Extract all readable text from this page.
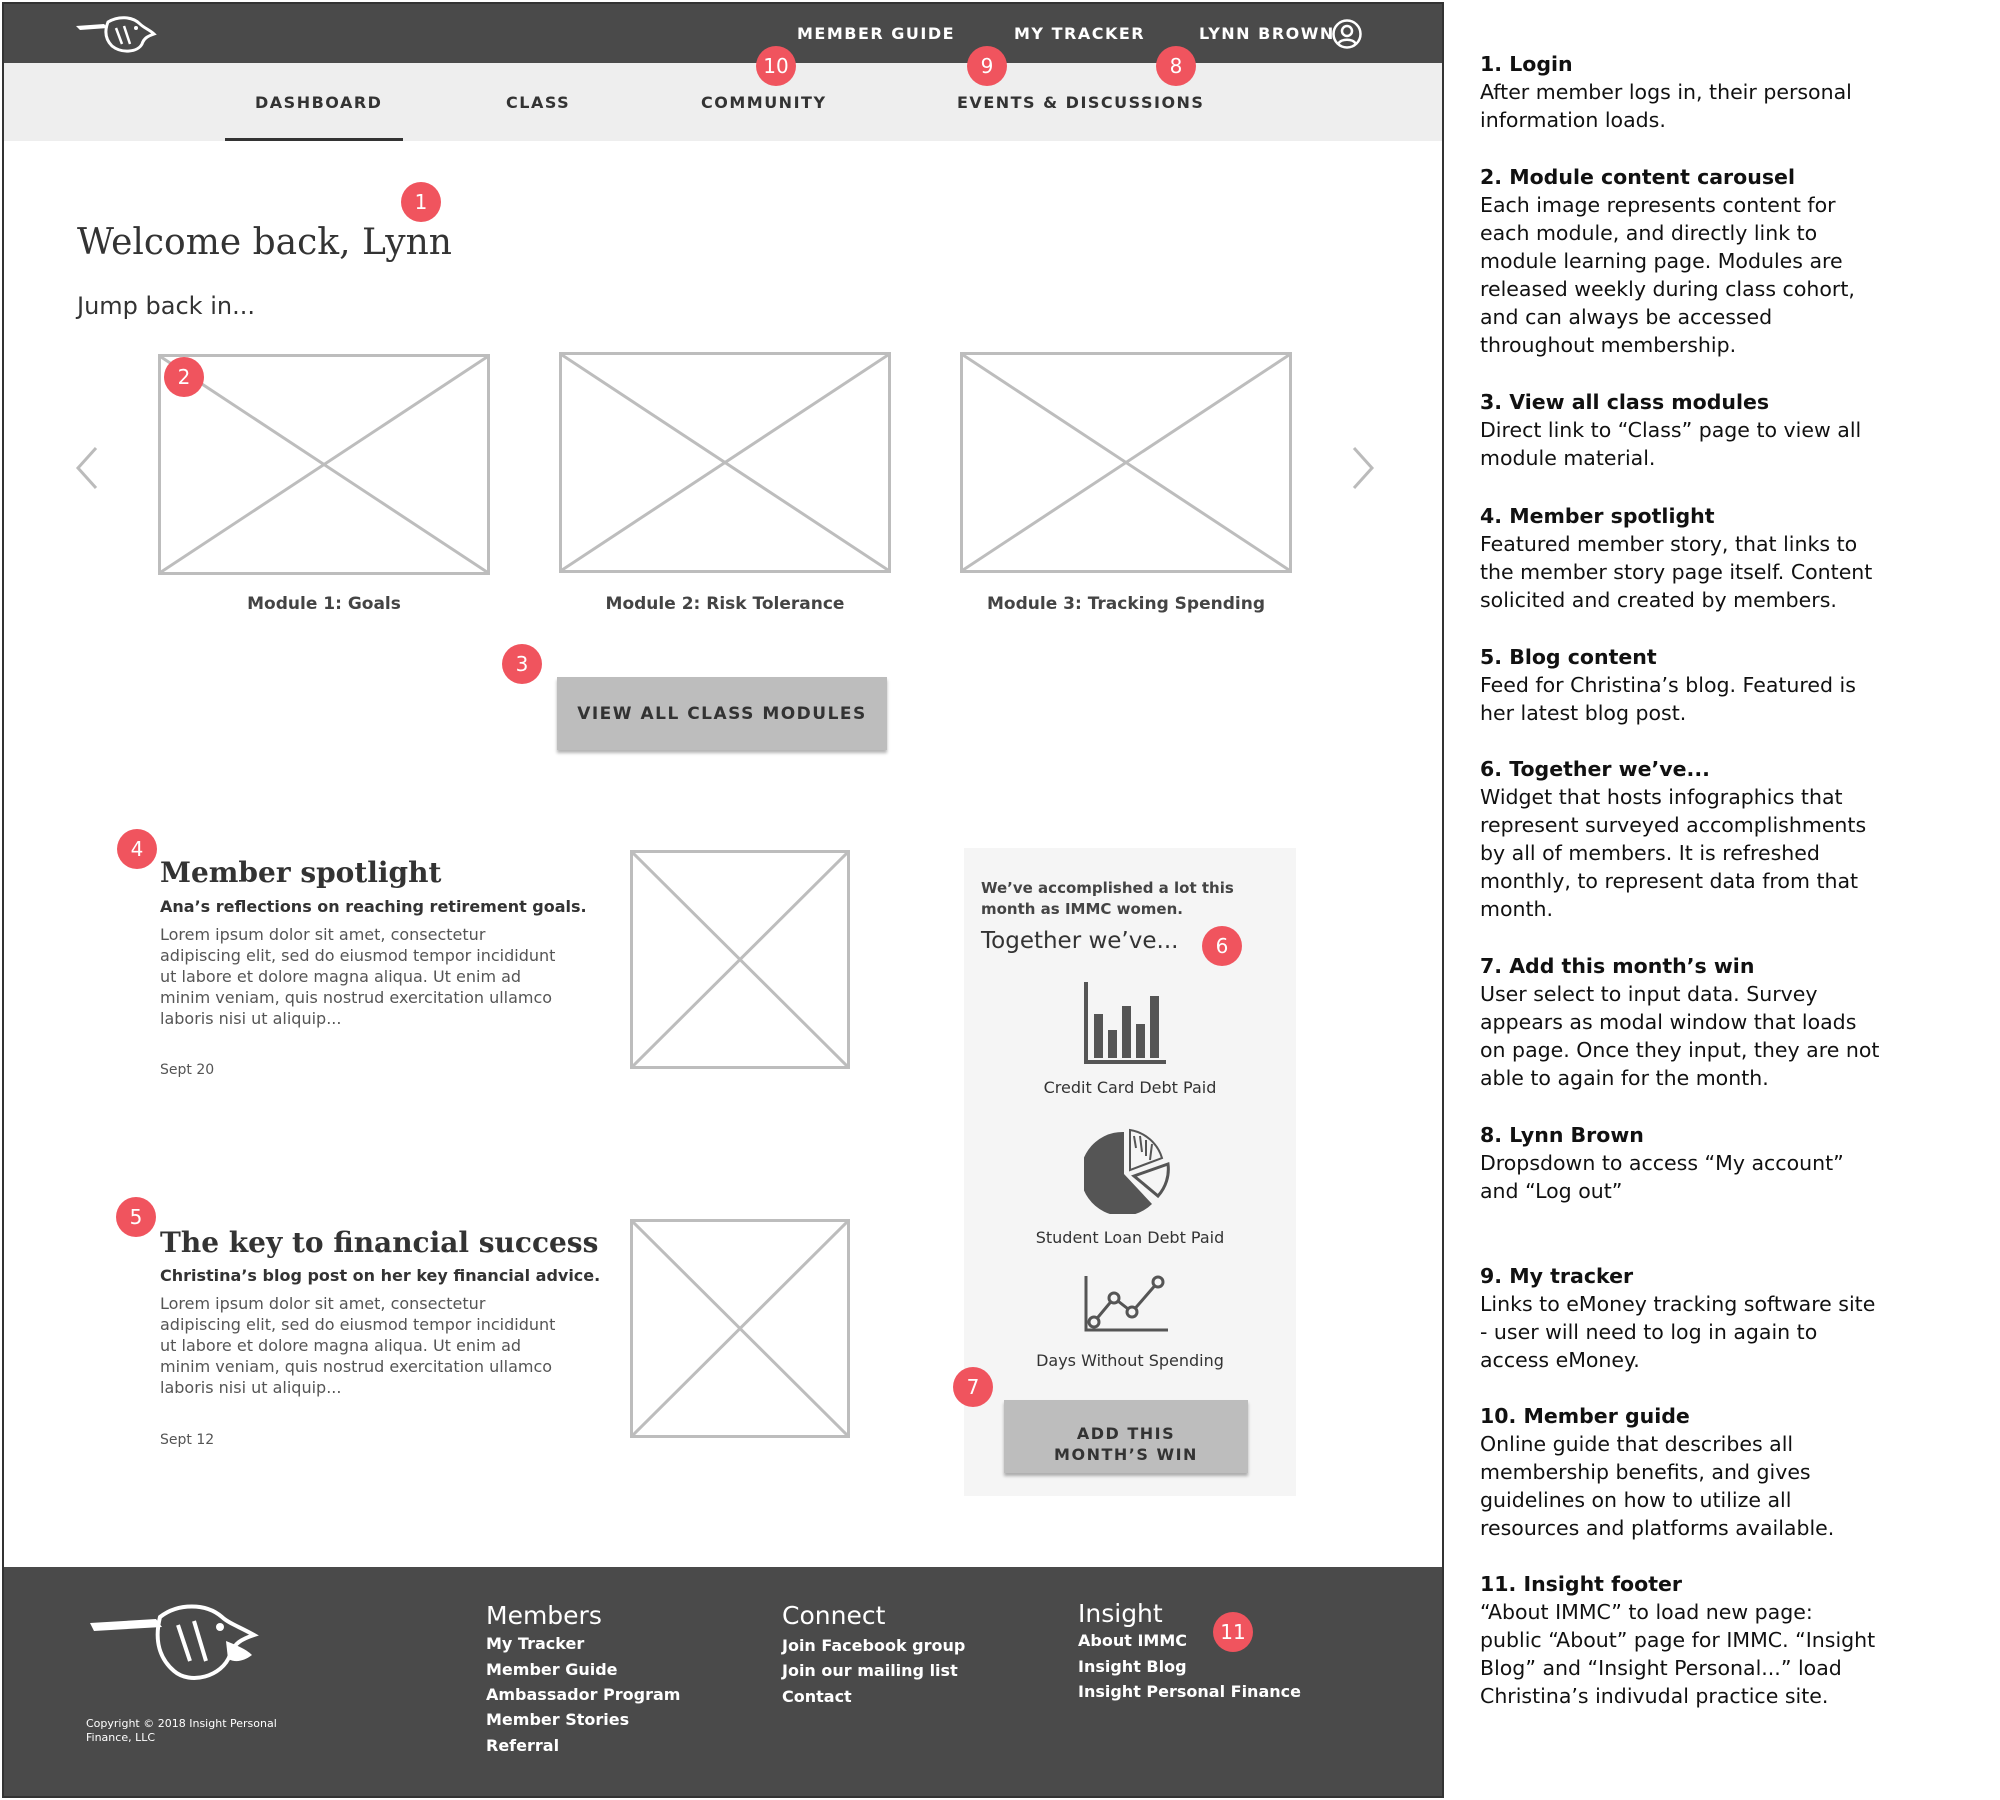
MEMBER GUIDE	MY TRACKER	LYNN BROWN
DASHBOARD	CLASS	COMMUNITY	EVENTS & DISCUSSIONS
Welcome back, Lynn
Jump back in...
Module 1: Goals	Module 2: Risk Tolerance	Module 3: Tracking Spending
VIEW ALL CLASS MODULES
Member spotlight
Ana’s reflections on reaching retirement goals.
Lorem ipsum dolor sit amet, consectetur
adipiscing elit, sed do eiusmod tempor incididunt
ut labore et dolore magna aliqua. Ut enim ad
minim veniam, quis nostrud exercitation ullamco
laboris nisi ut aliquip...
Sept 20
The key to financial success
Christina’s blog post on her key financial advice.
Lorem ipsum dolor sit amet, consectetur
adipiscing elit, sed do eiusmod tempor incididunt
ut labore et dolore magna aliqua. Ut enim ad
minim veniam, quis nostrud exercitation ullamco
laboris nisi ut aliquip...
Sept 12
We’ve accomplished a lot this
month as IMMC women.
Together we’ve...
Credit Card Debt Paid
Student Loan Debt Paid
Days Without Spending
ADD THIS
MONTH’S WIN
1
2
3
4
5
6
7
8
9
10
Copyright © 2018 Insight Personal
Finance, LLC
Members
My Tracker
Member Guide
Ambassador Program
Member Stories
Referral
Connect
Join Facebook group
Join our mailing list
Contact
Insight
About IMMC
Insight Blog
Insight Personal Finance
11
1. Login
After member logs in, their personal
information loads.
2. Module content carousel
Each image represents content for
each module, and directly link to
module learning page. Modules are
released weekly during class cohort,
and can always be accessed
throughout membership.
3. View all class modules
Direct link to “Class” page to view all
module material.
4. Member spotlight
Featured member story, that links to
the member story page itself. Content
solicited and created by members.
5. Blog content
Feed for Christina’s blog. Featured is
her latest blog post.
6. Together we’ve...
Widget that hosts infographics that
represent surveyed accomplishments
by all of members. It is refreshed
monthly, to represent data from that
month.
7. Add this month’s win
User select to input data. Survey
appears as modal window that loads
on page. Once they input, they are not
able to again for the month.
8. Lynn Brown
Dropsdown to access “My account”
and “Log out”
9. My tracker
Links to eMoney tracking software site
- user will need to log in again to
access eMoney.
10. Member guide
Online guide that describes all
membership benefits, and gives
guidelines on how to utilize all
resources and platforms available.
11. Insight footer
“About IMMC” to load new page:
public “About” page for IMMC. “Insight
Blog” and “Insight Personal...” load
Christina’s indivudal practice site.
